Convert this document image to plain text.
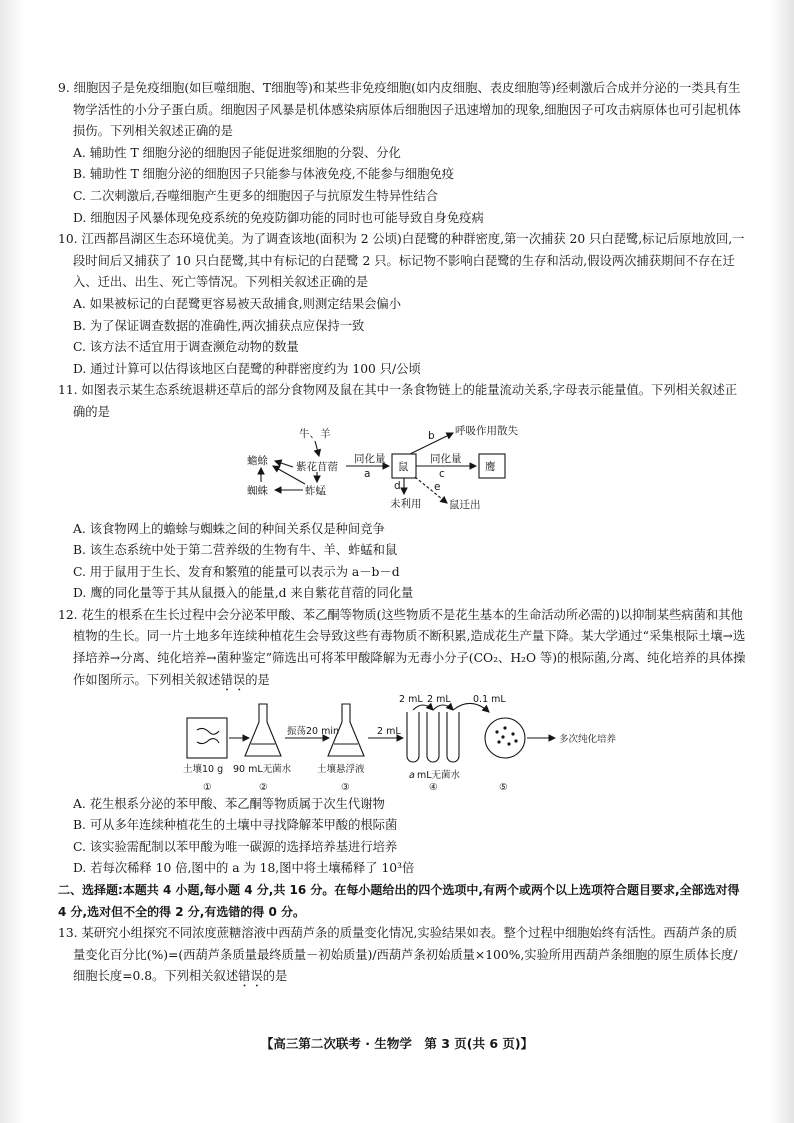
9. 细胞因子是免疫细胞(如巨噬细胞、T细胞等)和某些非免疫细胞(如内皮细胞、表皮细胞等)经刺激后合成并分泌的一类具有生物学活性的小分子蛋白质。细胞因子风暴是机体感染病原体后细胞因子迅速增加的现象,细胞因子可攻击病原体也可引起机体损伤。下列相关叙述正确的是

A. 辅助性 T 细胞分泌的细胞因子能促进浆细胞的分裂、分化

B. 辅助性 T 细胞分泌的细胞因子只能参与体液免疫,不能参与细胞免疫

C. 二次刺激后,吞噬细胞产生更多的细胞因子与抗原发生特异性结合

D. 细胞因子风暴体现免疫系统的免疫防御功能的同时也可能导致自身免疫病

10. 江西都昌湖区生态环境优美。为了调查该地(面积为 2 公顷)白琵鹭的种群密度,第一次捕获 20 只白琵鹭,标记后原地放回,一段时间后又捕获了 10 只白琵鹭,其中有标记的白琵鹭 2 只。标记物不影响白琵鹭的生存和活动,假设两次捕获期间不存在迁入、迁出、出生、死亡等情况。下列相关叙述正确的是

A. 如果被标记的白琵鹭更容易被天敌捕食,则测定结果会偏小

B. 为了保证调查数据的准确性,两次捕获点应保持一致

C. 该方法不适宜用于调查濒危动物的数量

D. 通过计算可以估得该地区白琵鹭的种群密度约为 100 只/公顷

11. 如图表示某生态系统退耕还草后的部分食物网及鼠在其中一条食物链上的能量流动关系,字母表示能量值。下列相关叙述正确的是

牛、羊
紫花苜蓿
蟾蜍
蜘蛛	蚱蜢
同化量
a
鼠
同化量
b
c
d	e
鹰
呼吸作用散失
未利用	鼠迁出

A. 该食物网上的蟾蜍与蜘蛛之间的种间关系仅是种间竞争

B. 该生态系统中处于第二营养级的生物有牛、羊、蚱蜢和鼠

C. 用于鼠用于生长、发育和繁殖的能量可以表示为 a－b－d

D. 鹰的同化量等于其从鼠摄入的能量,d 来自紫花苜蓿的同化量

12. 花生的根系在生长过程中会分泌苯甲酸、苯乙酮等物质(这些物质不是花生基本的生命活动所必需的)以抑制某些病菌和其他植物的生长。同一片土地多年连续种植花生会导致这些有毒物质不断积累,造成花生产量下降。某大学通过“采集根际土壤→选择培养→分离、纯化培养→菌种鉴定”筛选出可将苯甲酸降解为无毒小分子(CO₂、H₂O 等)的根际菌,分离、纯化培养的具体操作如图所示。下列相关叙述错误的是

振荡20 min	2 mL
2 mL 2 mL 0.1 mL
多次纯化培养
土壤10 g 90 mL无菌水	土壤悬浮液
a mL无菌水
①	②	③	④	⑤

A. 花生根系分泌的苯甲酸、苯乙酮等物质属于次生代谢物

B. 可从多年连续种植花生的土壤中寻找降解苯甲酸的根际菌

C. 该实验需配制以苯甲酸为唯一碳源的选择培养基进行培养

D. 若每次稀释 10 倍,图中的 a 为 18,图中将土壤稀释了 10³倍

二、选择题:本题共 4 小题,每小题 4 分,共 16 分。在每小题给出的四个选项中,有两个或两个以上选项符合题目要求,全部选对得 4 分,选对但不全的得 2 分,有选错的得 0 分。

13. 某研究小组探究不同浓度蔗糖溶液中西葫芦条的质量变化情况,实验结果如表。整个过程中细胞始终有活性。西葫芦条的质量变化百分比(%)=(西葫芦条质量最终质量－初始质量)/西葫芦条初始质量×100%,实验所用西葫芦条细胞的原生质体长度/细胞长度=0.8。下列相关叙述错误的是

【高三第二次联考 · 生物学　第 3 页(共 6 页)】
